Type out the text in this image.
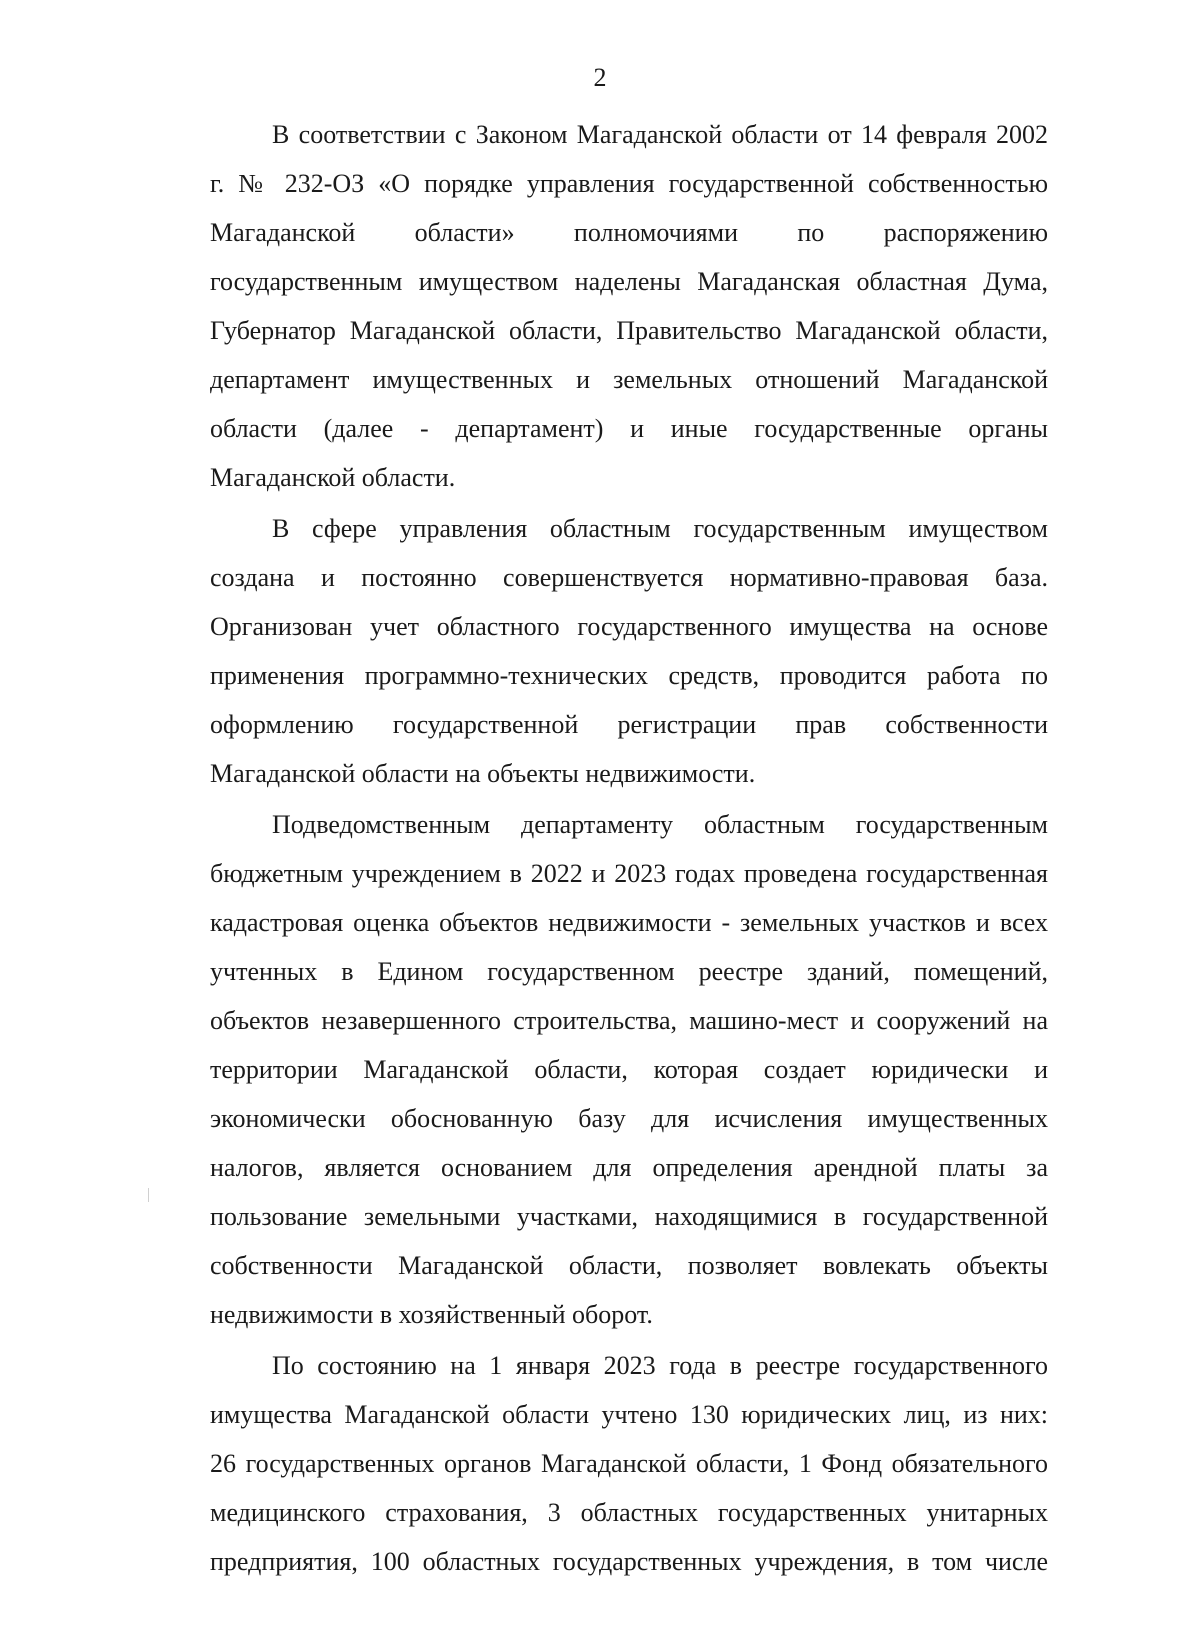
2

В соответствии с Законом Магаданской области от 14 февраля 2002
г. № 232-ОЗ «О порядке управления государственной собственностью
Магаданской области» полномочиями по распоряжению
государственным имуществом наделены Магаданская областная Дума,
Губернатор Магаданской области, Правительство Магаданской области,
департамент имущественных и земельных отношений Магаданской
области (далее - департамент) и иные государственные органы
Магаданской области.

В сфере управления областным государственным имуществом
создана и постоянно совершенствуется нормативно-правовая база.
Организован учет областного государственного имущества на основе
применения программно-технических средств, проводится работа по
оформлению государственной регистрации прав собственности
Магаданской области на объекты недвижимости.

Подведомственным департаменту областным государственным
бюджетным учреждением в 2022 и 2023 годах проведена государственная
кадастровая оценка объектов недвижимости - земельных участков и всех
учтенных в Едином государственном реестре зданий, помещений,
объектов незавершенного строительства, машино-мест и сооружений на
территории Магаданской области, которая создает юридически и
экономически обоснованную базу для исчисления имущественных
налогов, является основанием для определения арендной платы за
пользование земельными участками, находящимися в государственной
собственности Магаданской области, позволяет вовлекать объекты
недвижимости в хозяйственный оборот.

По состоянию на 1 января 2023 года в реестре государственного
имущества Магаданской области учтено 130 юридических лиц, из них:
26 государственных органов Магаданской области, 1 Фонд обязательного
медицинского страхования, 3 областных государственных унитарных
предприятия, 100 областных государственных учреждения, в том числе
